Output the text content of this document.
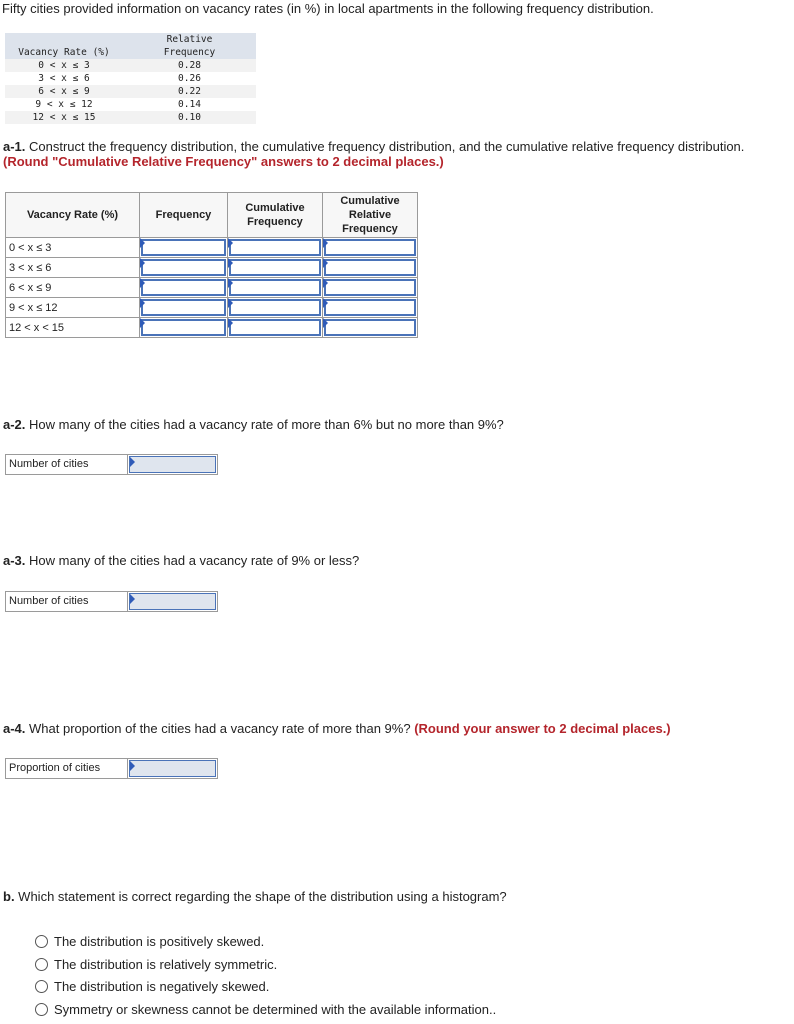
Fifty cities provided information on vacancy rates (in %) in local apartments in the following frequency distribution.
Vacancy Rate (%)	Relative
Frequency

0 < x ≤ 3	0.28
3 < x ≤ 6	0.26
6 < x ≤ 9	0.22
9 < x ≤ 12	0.14
12 < x ≤ 15	0.10
a-1. Construct the frequency distribution, the cumulative frequency distribution, and the cumulative relative frequency distribution.
(Round "Cumulative Relative Frequency" answers to 2 decimal places.)
Vacancy Rate (%)	Frequency	Cumulative Frequency	Cumulative Relative Frequency
0 < x ≤ 3	

3 < x ≤ 6	

6 < x ≤ 9	

9 < x ≤ 12	

12 < x < 15	

a-2. How many of the cities had a vacancy rate of more than 6% but no more than 9%?
Number of cities
a-3. How many of the cities had a vacancy rate of 9% or less?
Number of cities
a-4. What proportion of the cities had a vacancy rate of more than 9%? (Round your answer to 2 decimal places.)
Proportion of cities
b. Which statement is correct regarding the shape of the distribution using a histogram?
The distribution is positively skewed.
The distribution is relatively symmetric.
The distribution is negatively skewed.
Symmetry or skewness cannot be determined with the available information..
